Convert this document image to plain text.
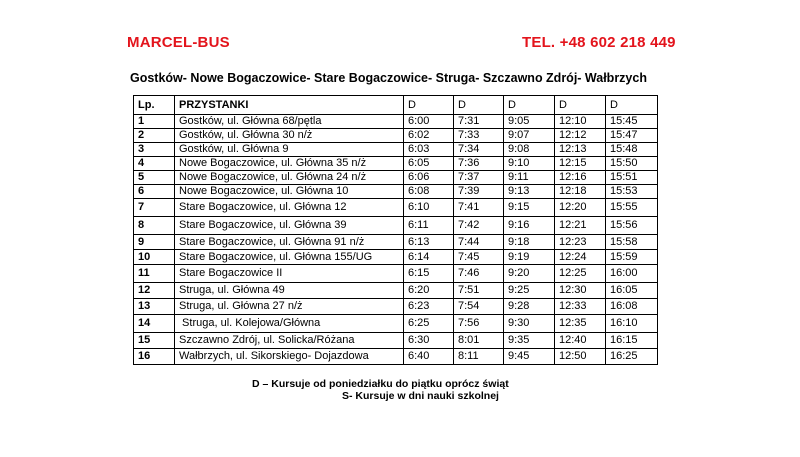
MARCEL-BUS	TEL. +48 602 218 449
Gostków- Nowe Bogaczowice- Stare Bogaczowice- Struga- Szczawno Zdrój- Wałbrzych
Lp.	PRZYSTANKI	D	D	D	D	D
1	Gostków, ul. Główna 68/pętla	6:00	7:31	9:05	12:10	15:45
2	Gostków, ul. Główna 30 n/ż	6:02	7:33	9:07	12:12	15:47
3	Gostków, ul. Główna 9	6:03	7:34	9:08	12:13	15:48
4	Nowe Bogaczowice, ul. Główna 35 n/ż	6:05	7:36	9:10	12:15	15:50
5	Nowe Bogaczowice, ul. Główna 24 n/ż	6:06	7:37	9:11	12:16	15:51
6	Nowe Bogaczowice, ul. Główna 10	6:08	7:39	9:13	12:18	15:53
7	Stare Bogaczowice, ul. Główna 12	6:10	7:41	9:15	12:20	15:55
8	Stare Bogaczowice, ul. Główna 39	6:11	7:42	9:16	12:21	15:56
9	Stare Bogaczowice, ul. Główna 91 n/ż	6:13	7:44	9:18	12:23	15:58
10	Stare Bogaczowice, ul. Główna 155/UG	6:14	7:45	9:19	12:24	15:59
11	Stare Bogaczowice II	6:15	7:46	9:20	12:25	16:00
12	Struga, ul. Główna 49	6:20	7:51	9:25	12:30	16:05
13	Struga, ul. Główna 27 n/ż	6:23	7:54	9:28	12:33	16:08
14	Struga, ul. Kolejowa/Główna	6:25	7:56	9:30	12:35	16:10
15	Szczawno Zdrój, ul. Solicka/Różana	6:30	8:01	9:35	12:40	16:15
16	Wałbrzych, ul. Sikorskiego- Dojazdowa	6:40	8:11	9:45	12:50	16:25
D – Kursuje od poniedziałku do piątku oprócz świąt
S- Kursuje w dni nauki szkolnej
